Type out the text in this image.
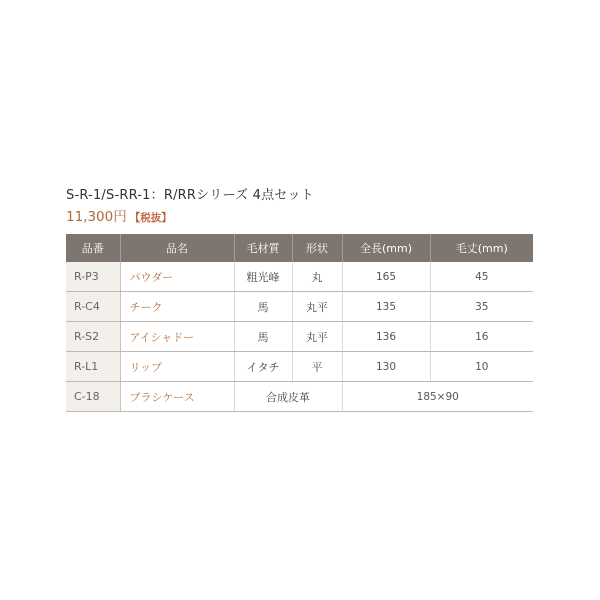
S-R-1/S-RR-1：R/RRシリーズ 4点セット
11,300円 【税抜】
品番	品名	毛材質	形状	全長(mm)	毛丈(mm)
R-P3	パウダー	粗光峰	丸	165	45
R-C4	チーク	馬	丸平	135	35
R-S2	アイシャドー	馬	丸平	136	16
R-L1	リップ	イタチ	平	130	10
C-18	ブラシケース	合成皮革		185×90	
